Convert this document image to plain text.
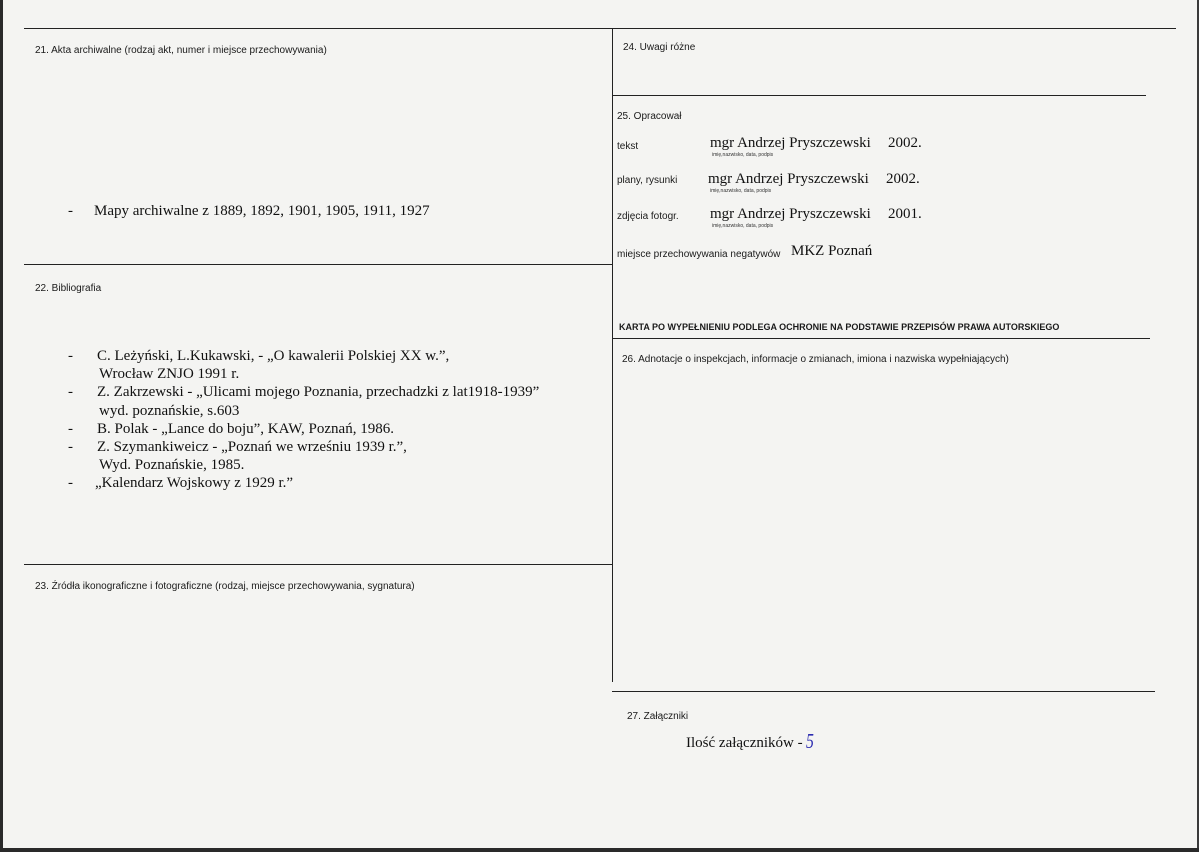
21. Akta archiwalne (rodzaj akt, numer i miejsce przechowywania)
- Mapy archiwalne z 1889, 1892, 1901, 1905, 1911, 1927
22. Bibliografia
- C. Leżyński, L.Kukawski, - „O kawalerii Polskiej XX w.”,
Wrocław ZNJO 1991 r.
- Z. Zakrzewski - „Ulicami mojego Poznania, przechadzki z lat1918-1939”
wyd. poznańskie, s.603
- B. Polak - „Lance do boju”, KAW, Poznań, 1986.
- Z. Szymankiweicz - „Poznań we wrześniu 1939 r.”,
Wyd. Poznańskie, 1985.
- „Kalendarz Wojskowy z 1929 r.”
23. Źródła ikonograficzne i fotograficzne (rodzaj, miejsce przechowywania, sygnatura)
24. Uwagi różne
25. Opracował
tekst	mgr Andrzej Pryszczewski 2002.
imię,nazwisko, data, podpis
plany, rysunki mgr Andrzej Pryszczewski 2002.
imię,nazwisko, data, podpis
zdjęcia fotogr. mgr Andrzej Pryszczewski 2001.
imię,nazwisko, data, podpis
miejsce przechowywania negatywów MKZ Poznań
KARTA PO WYPEŁNIENIU PODLEGA OCHRONIE NA PODSTAWIE PRZEPISÓW PRAWA AUTORSKIEGO
26. Adnotacje o inspekcjach, informacje o zmianach, imiona i nazwiska wypełniających)
27. Załączniki
Ilość załączników - 5
